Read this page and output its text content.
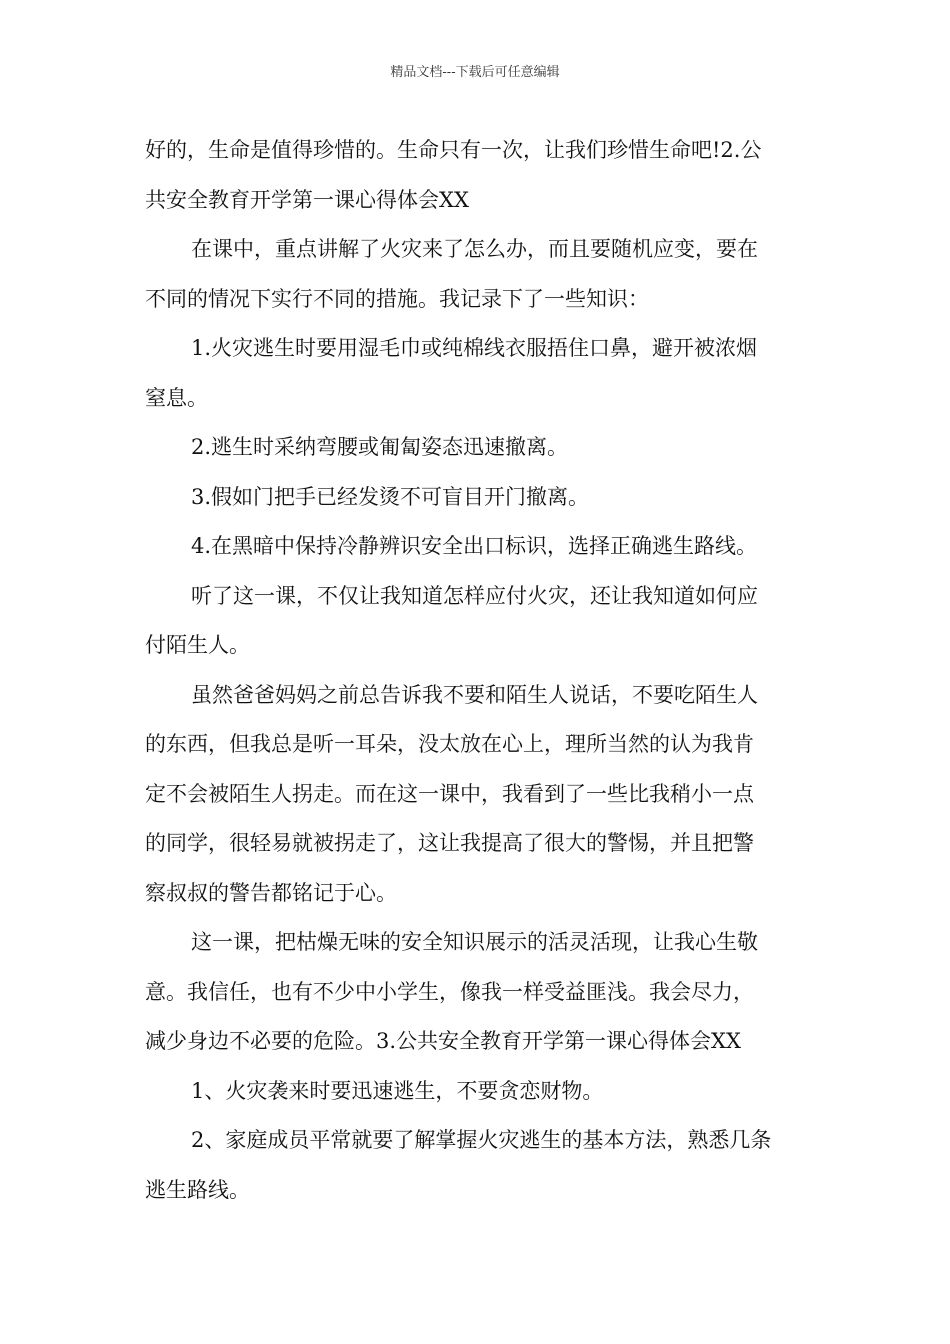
精品文档---下载后可任意编辑
好的，生命是值得珍惜的。生命只有一次，让我们珍惜生命吧!2.公
共安全教育开学第一课心得体会XX
在课中，重点讲解了火灾来了怎么办，而且要随机应变，要在
不同的情况下实行不同的措施。我记录下了一些知识：
1.火灾逃生时要用湿毛巾或纯棉线衣服捂住口鼻，避开被浓烟
窒息。
2.逃生时采纳弯腰或匍匐姿态迅速撤离。
3.假如门把手已经发烫不可盲目开门撤离。
4.在黑暗中保持冷静辨识安全出口标识，选择正确逃生路线。
听了这一课，不仅让我知道怎样应付火灾，还让我知道如何应
付陌生人。
虽然爸爸妈妈之前总告诉我不要和陌生人说话，不要吃陌生人
的东西，但我总是听一耳朵，没太放在心上，理所当然的认为我肯
定不会被陌生人拐走。而在这一课中，我看到了一些比我稍小一点
的同学，很轻易就被拐走了，这让我提高了很大的警惕，并且把警
察叔叔的警告都铭记于心。
这一课，把枯燥无味的安全知识展示的活灵活现，让我心生敬
意。我信任，也有不少中小学生，像我一样受益匪浅。我会尽力，
减少身边不必要的危险。3.公共安全教育开学第一课心得体会XX
1、火灾袭来时要迅速逃生，不要贪恋财物。
2、家庭成员平常就要了解掌握火灾逃生的基本方法，熟悉几条
逃生路线。
